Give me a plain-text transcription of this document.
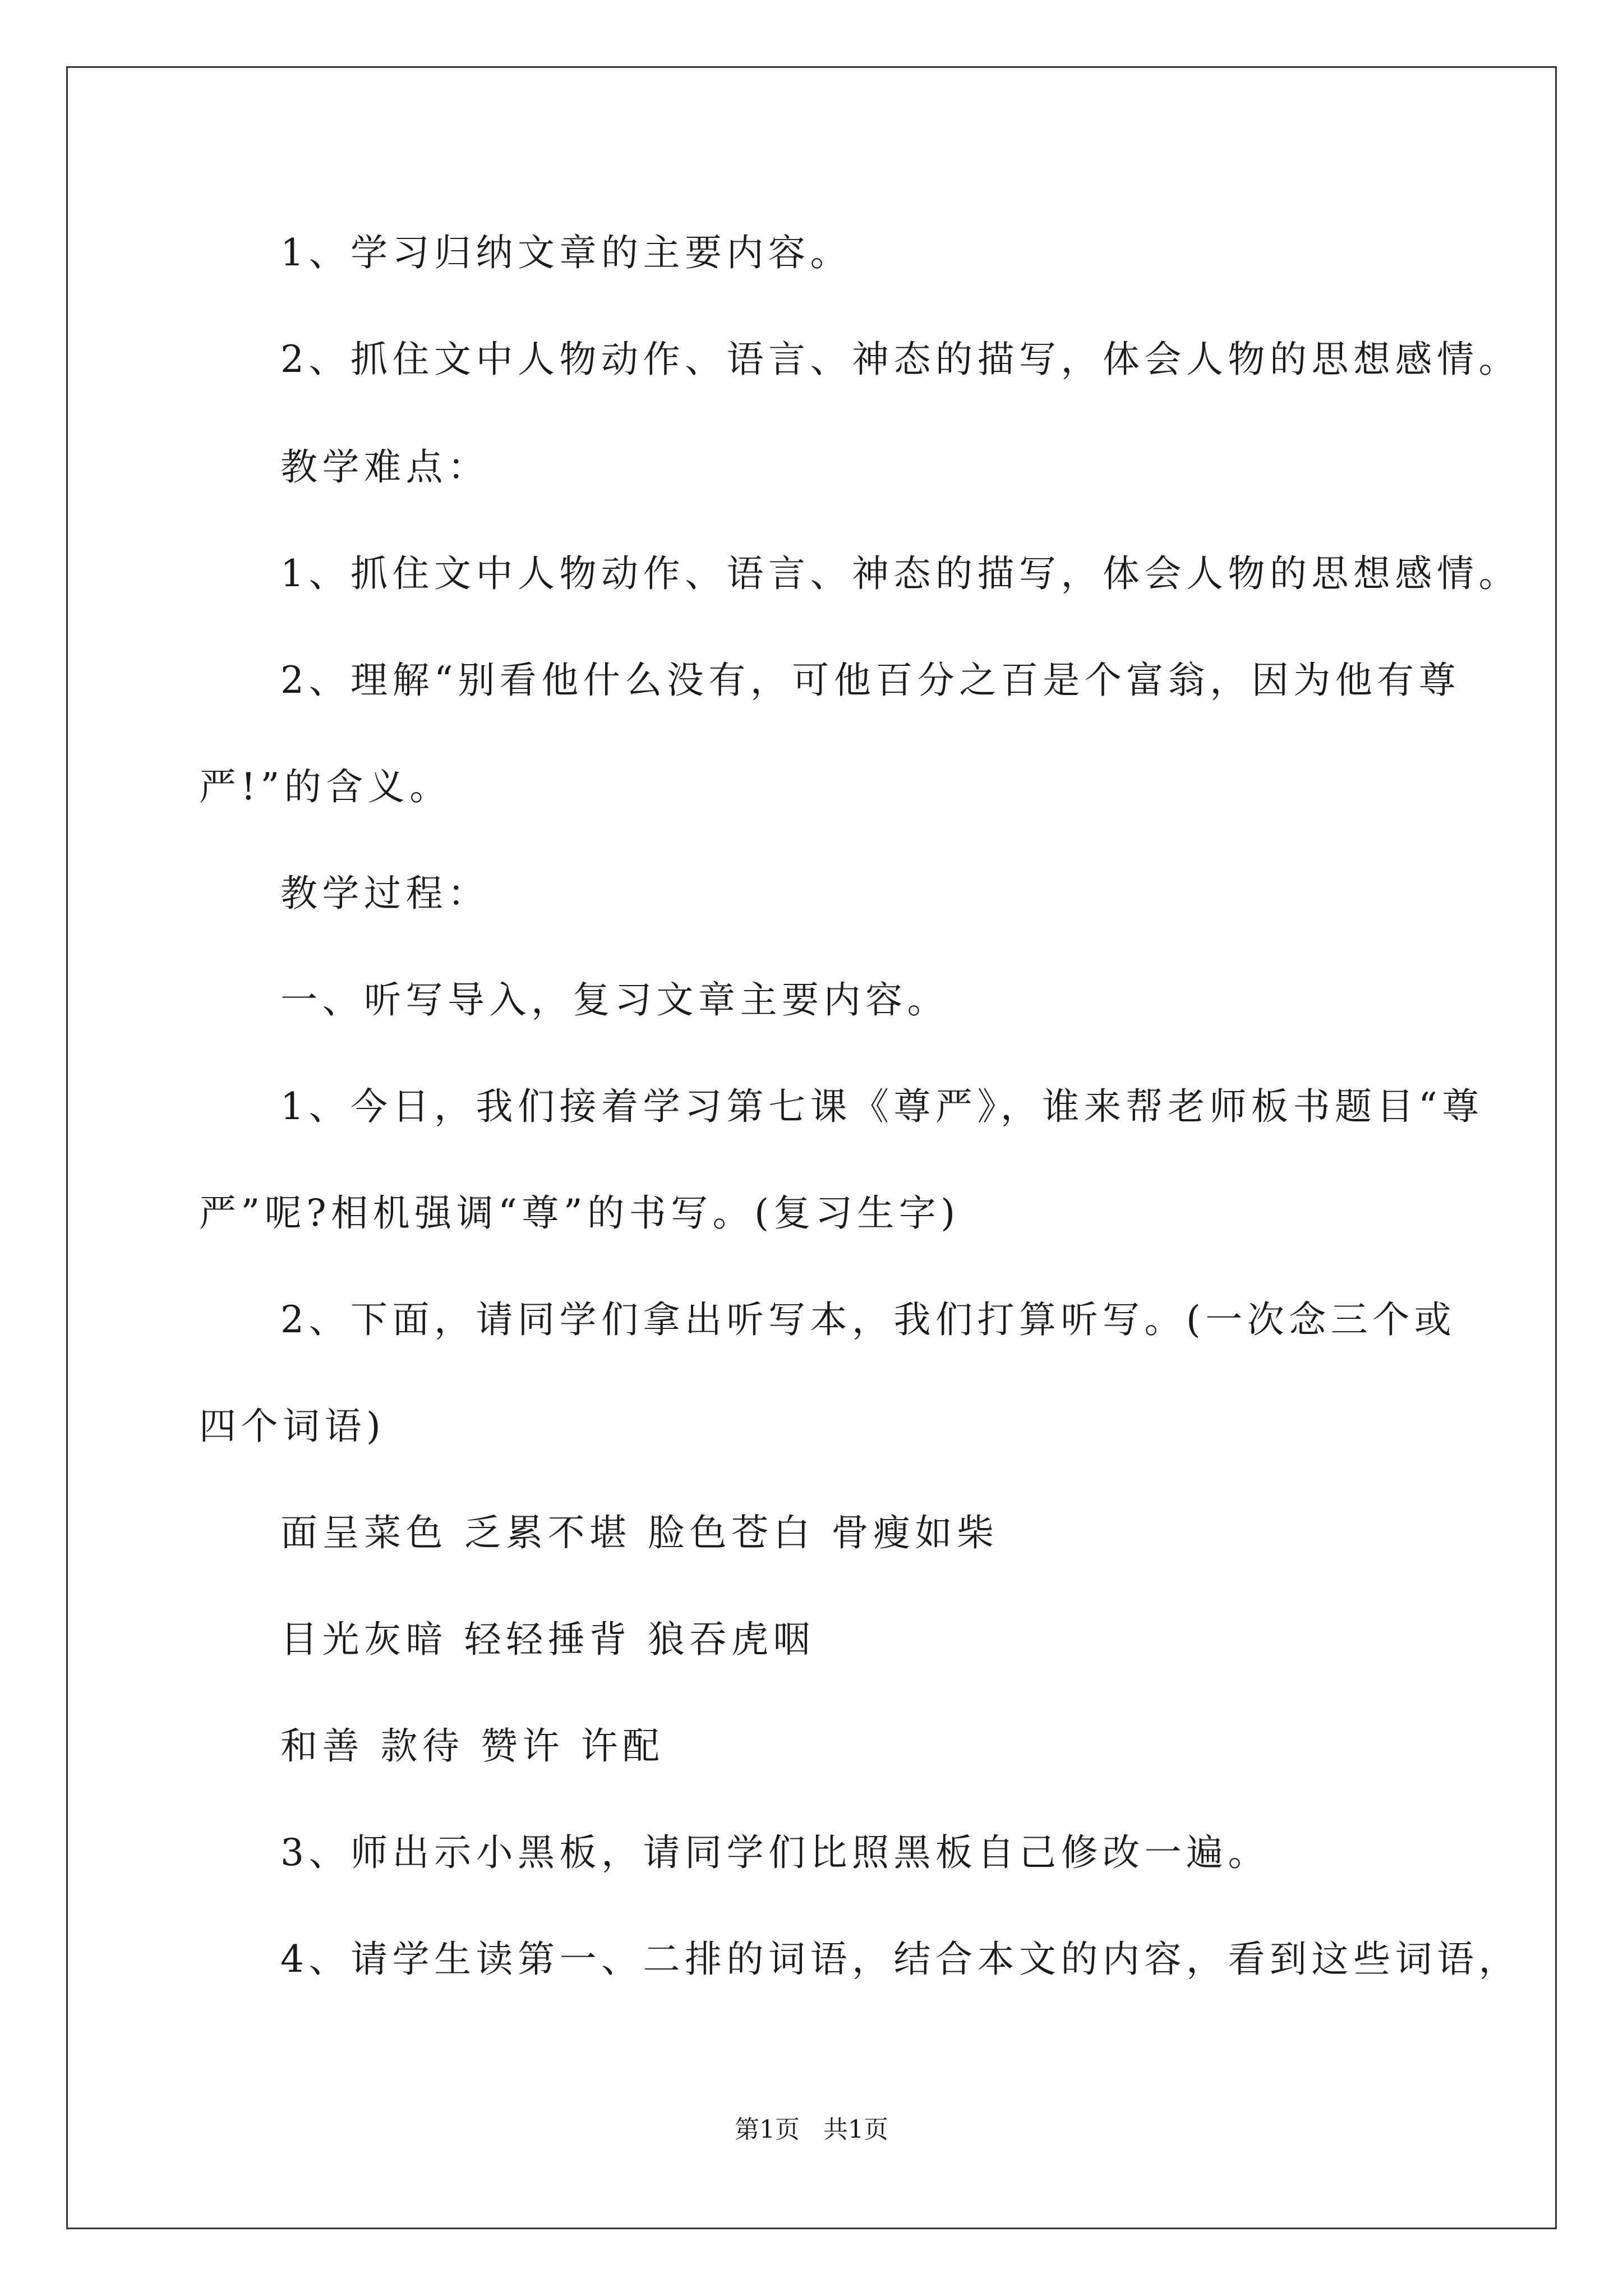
1、学习归纳文章的主要内容。
2、抓住文中人物动作、语言、神态的描写，体会人物的思想感情。
教学难点：
1、抓住文中人物动作、语言、神态的描写，体会人物的思想感情。
2、理解“别看他什么没有，可他百分之百是个富翁，因为他有尊
严!”的含义。
教学过程：
一、听写导入，复习文章主要内容。
1、今日，我们接着学习第七课《尊严》，谁来帮老师板书题目“尊
严”呢?相机强调“尊”的书写。(复习生字)
2、下面，请同学们拿出听写本，我们打算听写。(一次念三个或
四个词语)
面呈菜色 乏累不堪 脸色苍白 骨瘦如柴
目光灰暗 轻轻捶背 狼吞虎咽
和善 款待 赞许 许配
3、师出示小黑板，请同学们比照黑板自己修改一遍。
4、请学生读第一、二排的词语，结合本文的内容，看到这些词语，
第1页   共1页
